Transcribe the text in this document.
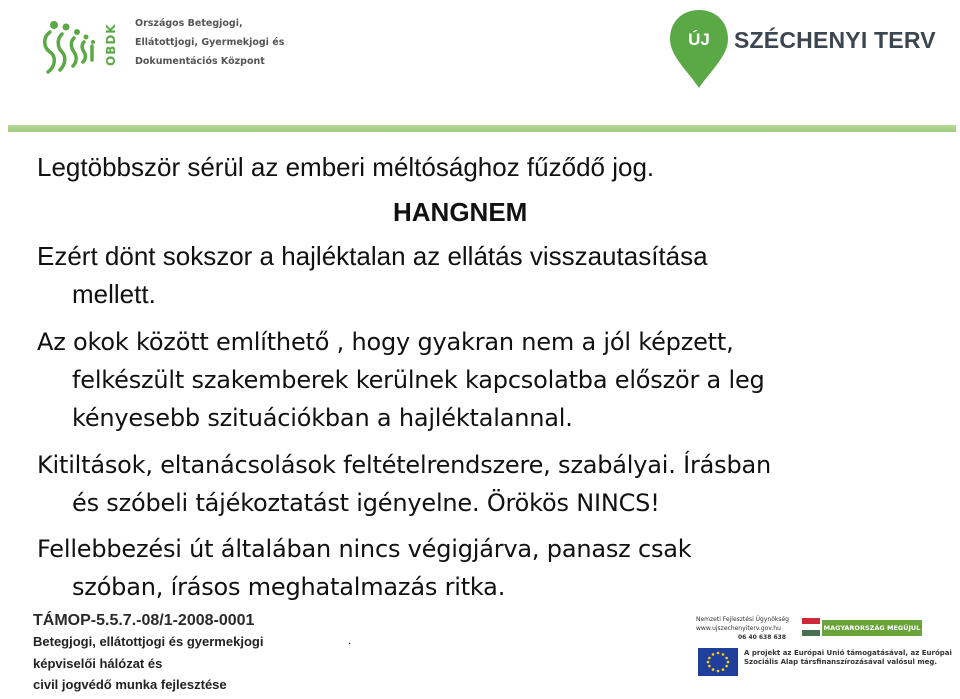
OBDK
Országos Betegjogi,
Ellátottjogi, Gyermekjogi és
Dokumentációs Központ
ÚJ	SZÉCHENYI TERV
Legtöbbször sérül az emberi méltósághoz fűződő jog.
HANGNEM
Ezért dönt sokszor a hajléktalan az ellátás visszautasítása
mellett.
Az okok között említhető , hogy gyakran nem a jól képzett,
felkészült szakemberek kerülnek kapcsolatba először a leg
kényesebb szituációkban a hajléktalannal.
Kitiltások, eltanácsolások feltételrendszere, szabályai. Írásban
és szóbeli tájékoztatást igényelne. Örökös NINCS!
Fellebbezési út általában nincs végigjárva, panasz csak
szóban, írásos meghatalmazás ritka.
TÁMOP-5.5.7.-08/1-2008-0001
Betegjogi, ellátottjogi és gyermekjogi
képviselői hálózat és
civil jogvédő munka fejlesztése
.
Nemzeti Fejlesztési Ügynökség
www.ujszechenyiterv.gov.hu
06 40 638 638
MAGYARORSZÁG MEGÚJUL
A projekt az Európai Unió támogatásával, az Európai
Szociális Alap társfinanszírozásával valósul meg.
